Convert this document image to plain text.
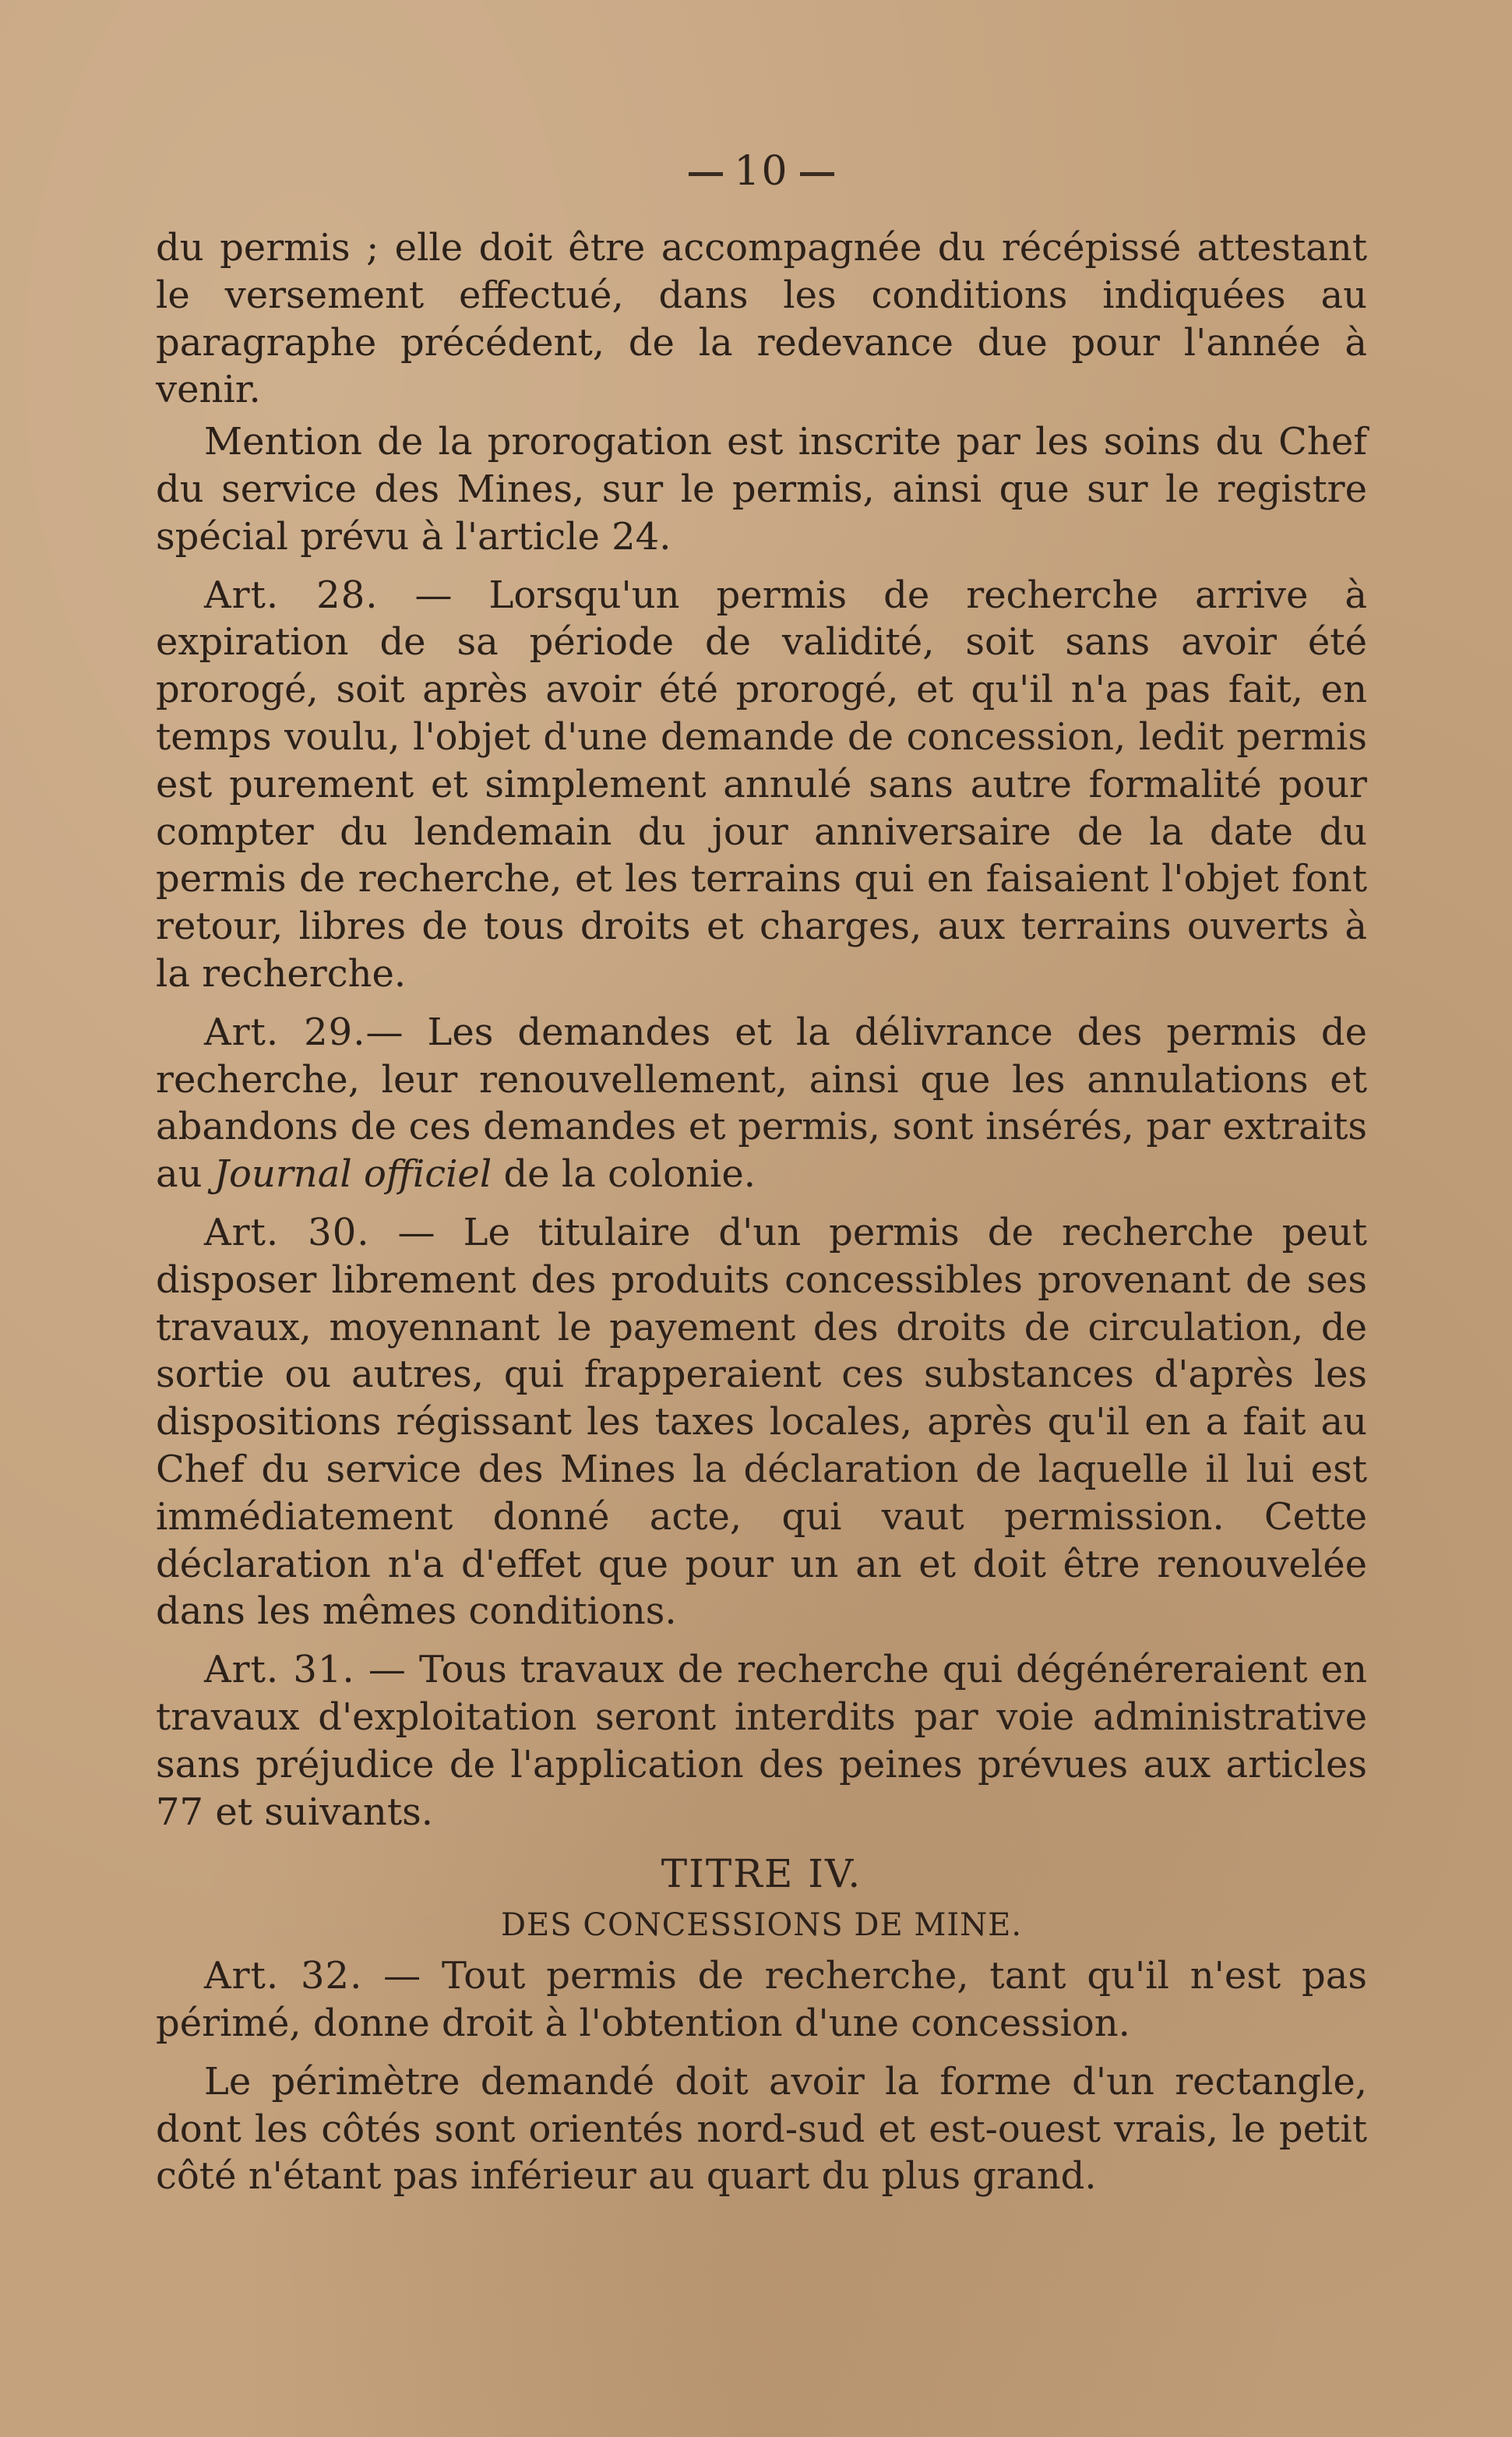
10

du permis ; elle doit être accompagnée du récépissé attestant le versement effectué, dans les conditions indiquées au paragraphe précédent, de la redevance due pour l'année à venir.

Mention de la prorogation est inscrite par les soins du Chef du service des Mines, sur le permis, ainsi que sur le registre spécial prévu à l'article 24.

Art. 28. — Lorsqu'un permis de recherche arrive à expiration de sa période de validité, soit sans avoir été prorogé, soit après avoir été prorogé, et qu'il n'a pas fait, en temps voulu, l'objet d'une demande de concession, ledit permis est purement et simplement annulé sans autre formalité pour compter du lendemain du jour anniversaire de la date du permis de recherche, et les terrains qui en faisaient l'objet font retour, libres de tous droits et charges, aux terrains ouverts à la recherche.

Art. 29.— Les demandes et la délivrance des permis de recherche, leur renouvellement, ainsi que les annulations et abandons de ces demandes et permis, sont insérés, par extraits au Journal officiel de la colonie.

Art. 30. — Le titulaire d'un permis de recherche peut disposer librement des produits concessibles provenant de ses travaux, moyennant le payement des droits de circulation, de sortie ou autres, qui frapperaient ces substances d'après les dispositions régissant les taxes locales, après qu'il en a fait au Chef du service des Mines la déclaration de laquelle il lui est immédiatement donné acte, qui vaut permission. Cette déclaration n'a d'effet que pour un an et doit être renouvelée dans les mêmes conditions.

Art. 31. — Tous travaux de recherche qui dégénéreraient en travaux d'exploitation seront interdits par voie administrative sans préjudice de l'application des peines prévues aux articles 77 et suivants.

TITRE IV.
DES CONCESSIONS DE MINE.

Art. 32. — Tout permis de recherche, tant qu'il n'est pas périmé, donne droit à l'obtention d'une concession.

Le périmètre demandé doit avoir la forme d'un rectangle, dont les côtés sont orientés nord-sud et est-ouest vrais, le petit côté n'étant pas inférieur au quart du plus grand.
